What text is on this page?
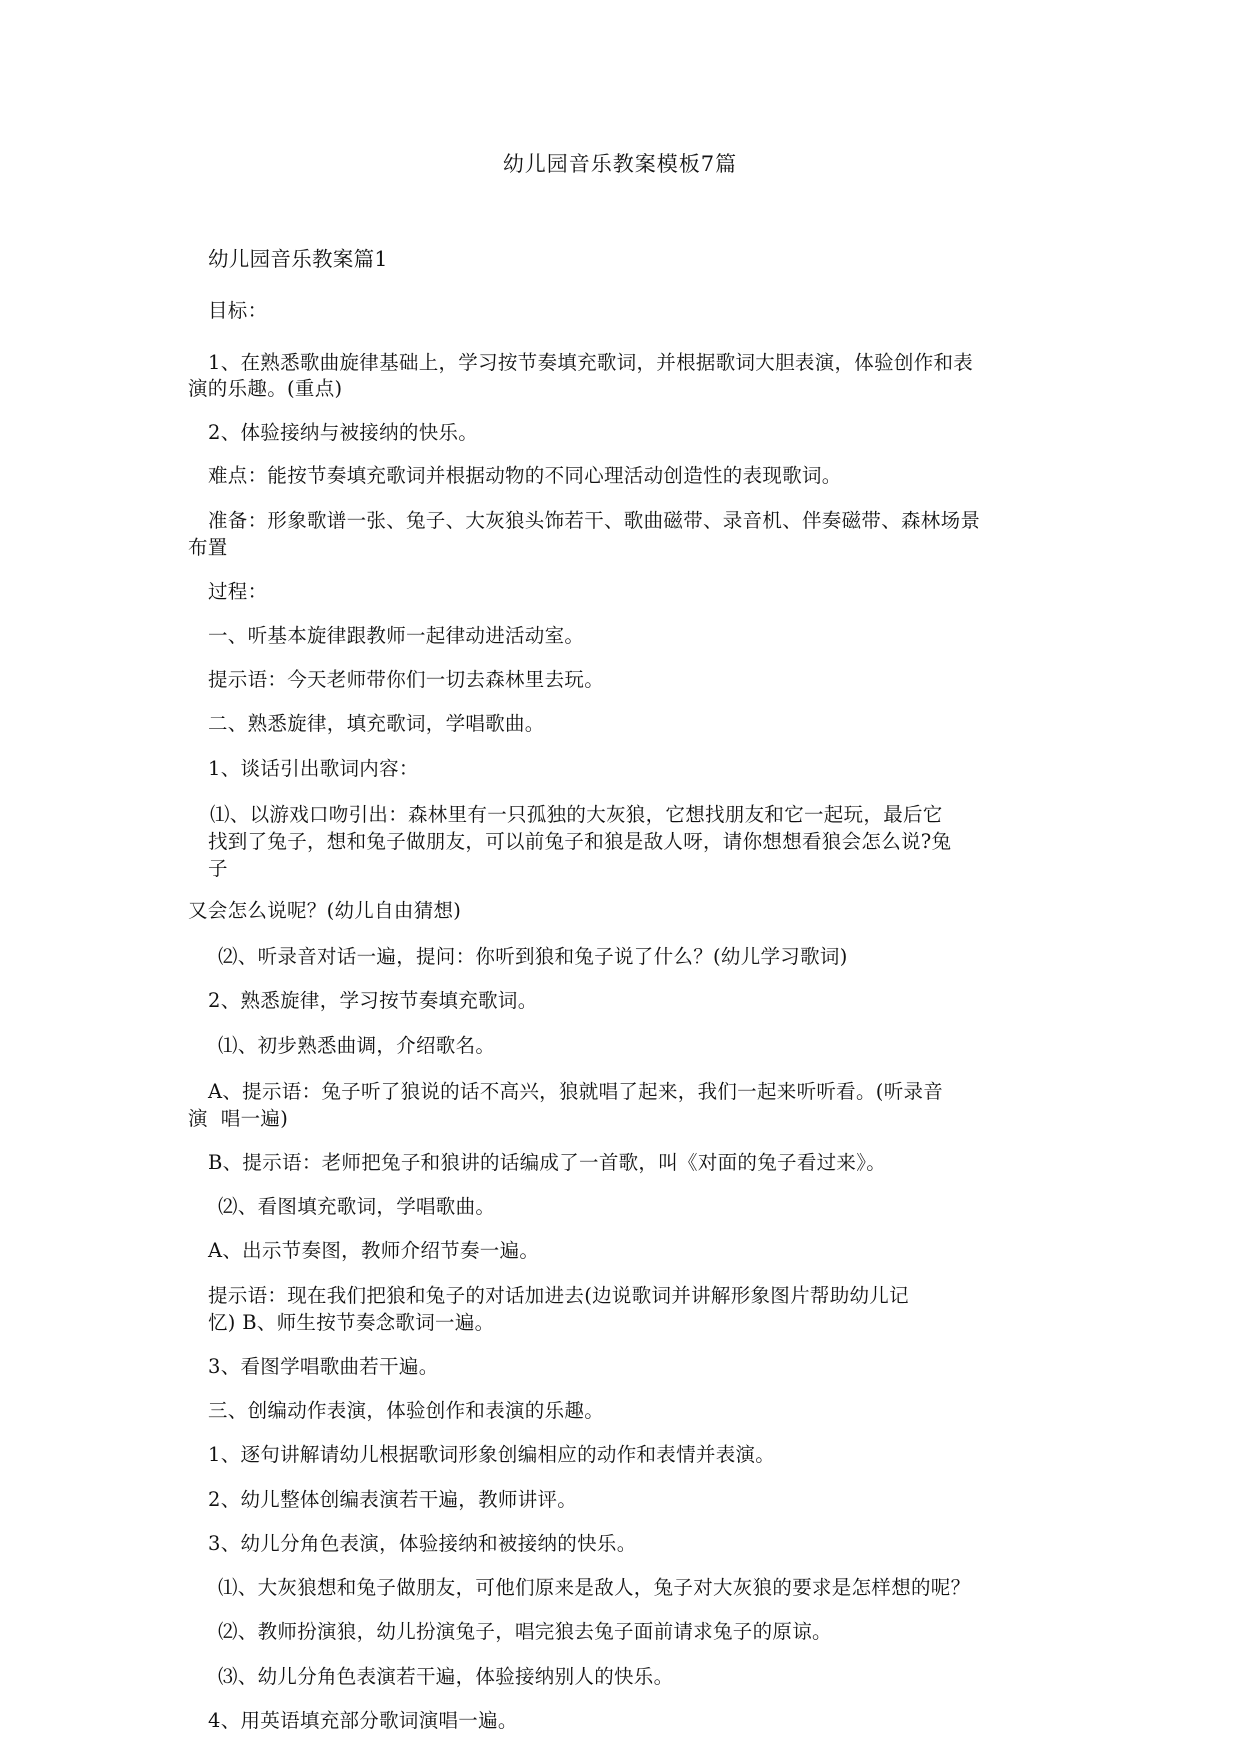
幼儿园音乐教案模板7篇

幼儿园音乐教案篇1

目标：

1、在熟悉歌曲旋律基础上，学习按节奏填充歌词，并根据歌词大胆表演，体验创作和表

演的乐趣。(重点)

2、体验接纳与被接纳的快乐。

难点：能按节奏填充歌词并根据动物的不同心理活动创造性的表现歌词。

准备：形象歌谱一张、兔子、大灰狼头饰若干、歌曲磁带、录音机、伴奏磁带、森林场景

布置

过程：

一、听基本旋律跟教师一起律动进活动室。

提示语：今天老师带你们一切去森林里去玩。

二、熟悉旋律，填充歌词，学唱歌曲。

1、谈话引出歌词内容：

⑴、以游戏口吻引出：森林里有一只孤独的大灰狼，它想找朋友和它一起玩，最后它

找到了兔子，想和兔子做朋友，可以前兔子和狼是敌人呀，请你想想看狼会怎么说?兔

子

又会怎么说呢？(幼儿自由猜想)

⑵、听录音对话一遍，提问：你听到狼和兔子说了什么？(幼儿学习歌词)

2、熟悉旋律，学习按节奏填充歌词。

⑴、初步熟悉曲调，介绍歌名。

A、提示语：兔子听了狼说的话不高兴，狼就唱了起来，我们一起来听听看。(听录音

演  唱一遍)

B、提示语：老师把兔子和狼讲的话编成了一首歌，叫《对面的兔子看过来》。

⑵、看图填充歌词，学唱歌曲。

A、出示节奏图，教师介绍节奏一遍。

提示语：现在我们把狼和兔子的对话加进去(边说歌词并讲解形象图片帮助幼儿记

忆) B、师生按节奏念歌词一遍。

3、看图学唱歌曲若干遍。

三、创编动作表演，体验创作和表演的乐趣。

1、逐句讲解请幼儿根据歌词形象创编相应的动作和表情并表演。

2、幼儿整体创编表演若干遍，教师讲评。

3、幼儿分角色表演，体验接纳和被接纳的快乐。

⑴、大灰狼想和兔子做朋友，可他们原来是敌人，兔子对大灰狼的要求是怎样想的呢？

⑵、教师扮演狼，幼儿扮演兔子，唱完狼去兔子面前请求兔子的原谅。

⑶、幼儿分角色表演若干遍，体验接纳别人的快乐。

4、用英语填充部分歌词演唱一遍。
